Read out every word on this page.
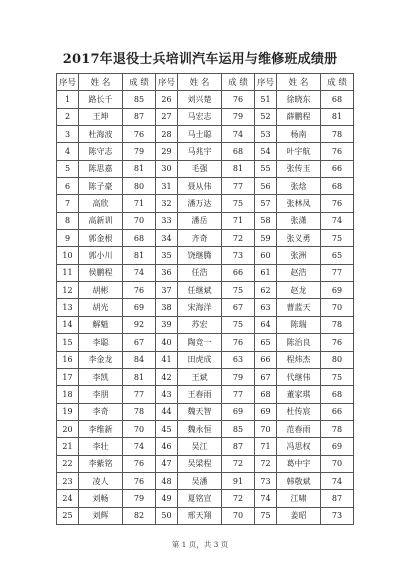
2017年退役士兵培训汽车运用与维修班成绩册
序号	姓 名	成 绩	序号	姓 名	成 绩	序号	姓 名	成 绩
1	路长千	85	26	刘兴楚	76	51	徐晓东	68
2	王坤	87	27	马宏志	79	52	薛鹏程	81
3	杜海波	76	28	马士聪	74	53	杨南	78
4	陈守志	79	29	马兆宇	68	54	叶宇航	76
5	陈思嘉	81	30	毛强	81	55	张传玉	66
6	陈子豪	80	31	聂从伟	77	56	张焓	68
7	高欣	71	32	潘万达	75	57	张林凤	76
8	高新训	70	33	潘岳	71	58	张潇	74
9	郭金根	68	34	齐奇	72	59	张义勇	75
10	郭小川	81	35	饶继腾	73	60	张洲	65
11	侯鹏程	74	36	任浩	66	61	赵浩	77
12	胡彬	76	37	任继斌	75	62	赵龙	69
13	胡光	69	38	宋海洋	67	63	曹蓝天	70
14	解魁	92	39	苏宏	75	64	陈瑞	78
15	李聪	67	40	陶竞一	76	65	陈治良	76
16	李金龙	84	41	田虎成	63	66	程炜杰	80
17	李凯	81	42	王斌	79	67	代继伟	75
18	李朋	77	43	王春雨	77	68	董家琪	68
19	李奇	78	44	魏天智	69	69	杜传宸	66
20	李维新	70	45	魏永恒	85	70	范春雨	78
21	李壮	74	46	吴江	87	71	冯思权	69
22	李紫铭	76	47	吴梁程	72	72	葛中宇	70
23	凌人	76	48	吴潘	91	73	韩敬斌	74
24	刘畅	79	49	夏铭宣	72	74	江啸	87
25	刘辉	82	50	邢天翔	70	75	姜昭	73
第 1 页，共 3 页
